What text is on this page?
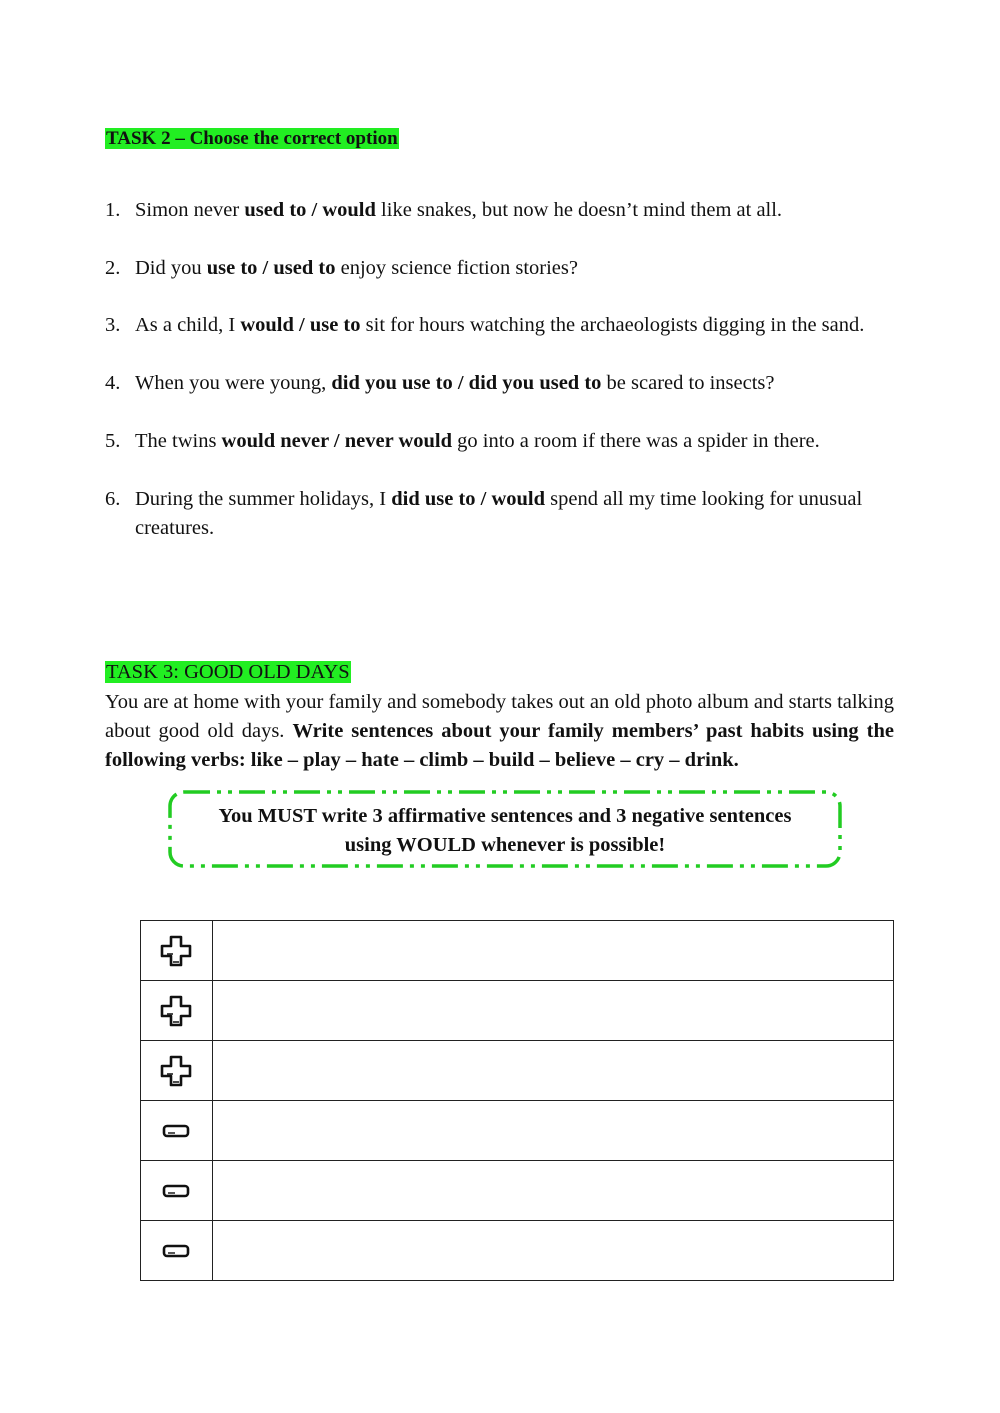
TASK 2 – Choose the correct option
1. Simon never used to / would like snakes, but now he doesn’t mind them at all.
2. Did you use to / used to enjoy science fiction stories?
3. As a child, I would / use to sit for hours watching the archaeologists digging in the sand.
4. When you were young, did you use to / did you used to be scared to insects?
5. The twins would never / never would go into a room if there was a spider in there.
6. During the summer holidays, I did use to / would spend all my time looking for unusual creatures.
TASK 3: GOOD OLD DAYS
You are at home with your family and somebody takes out an old photo album and starts talking about good old days. Write sentences about your family members’ past habits using the following verbs: like – play – hate – climb – build – believe – cry – drink.
You MUST write 3 affirmative sentences and 3 negative sentences
using WOULD whenever is possible!
